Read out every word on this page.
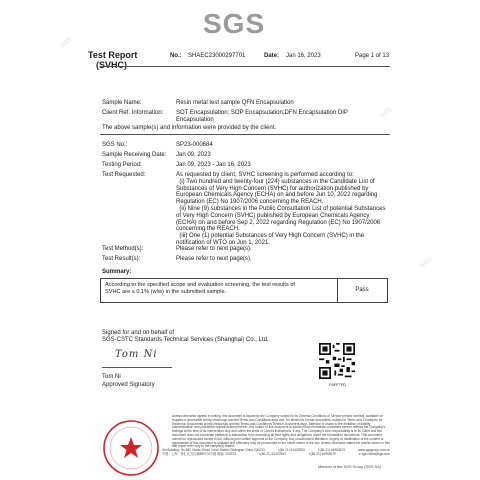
SGS
SGS
SGS
SGS
Test Report
(SVHC)
No.: SHAEC23000297701	Date: Jan 16, 2023	Page 1 of 13
Sample Name:	Resin metal test sample QFN Encapsulation
Client Ref. Information: SOT Encapsulation; SOP Encapsulation;DFN Encapsulation DIP
Encapsulation
The above sample(s) and information were provided by the client.
SGS No.:	SP23-000684
Sample Receiving Date: Jan 09, 2023
Testing Period:	Jan 09, 2023 - Jan 16, 2023
Test Requested:	As requested by client, SVHC screening is performed according to:
(i) Two hundred and twenty-four (224) substances in the Candidate List of
Substances of Very High Concern (SVHC) for authorization published by
European Chemicals Agency (ECHA) on and before Jun 10, 2022 regarding
Regulation (EC) No 1907/2006 concerning the REACH.
(ii) Nine (9) substances in the Public Consultation List of potential Substances
of Very High Concern (SVHC) published by European Chemicals Agency
(ECHA) on and before Sep 2, 2022 regarding Regulation (EC) No 1907/2006
concerning the REACH.
(iii) One (1) potential Substances of Very High Concern (SVHC) in the
notification of WTO on Jun 1, 2021.
Test Method(s):	Please refer to next page(s).
Test Result(s):	Please refer to next page(s).
Summary:
According to the specified scope and evaluation screening, the test results of
SVHC are ≤ 0.1% (w/w) in the submitted sample.	Pass
Signed for and on behalf of
SGS-CSTC Standards Technical Services (Shanghai) Co., Ltd.
Tom Ni
Tom Ni
Approved Signatory	F6FF7FD
Unless otherwise agreed in writing, this document is issued by the Company subject to its General Conditions of Service printed overleaf, available on request or accessible at http://www.sgs.com/en/Terms-and-Conditions.aspx and, for electronic format documents, subject to Terms and Conditions for Electronic Documents at http://www.sgs.com/en/Terms-and-Conditions/Terms-e-Document.aspx. Attention is drawn to the limitation of liability, indemnification and jurisdiction issues defined therein. Any holder of this document is advised that information contained hereon reflects the Company's findings at the time of its intervention only and within the limits of Client's instructions, if any. The Company's sole responsibility is to its Client and this document does not exonerate parties to a transaction from exercising all their rights and obligations under the transaction documents. This document cannot be reproduced except in full, without prior written approval of the Company. Any unauthorized alteration, forgery or falsification of the content or appearance of this document is unlawful and offenders may be prosecuted to the fullest extent of the law. Unless otherwise stated the results shown in this test report refer only to the sample(s) tested.
3rd Building, No.889 Yishan Road Xuhui District Shanghai China 200233	t (86-21) 61402553	f (86-21) 64953679	www.sgsgroup.com.cn
中国 · 上海 · 徐汇区宜山路889号3号楼 邮编: 200233	t (86-21) 61402553	f (86-21) 64953679	e sgs.china@sgs.com
Member of the SGS Group (SGS SA)
